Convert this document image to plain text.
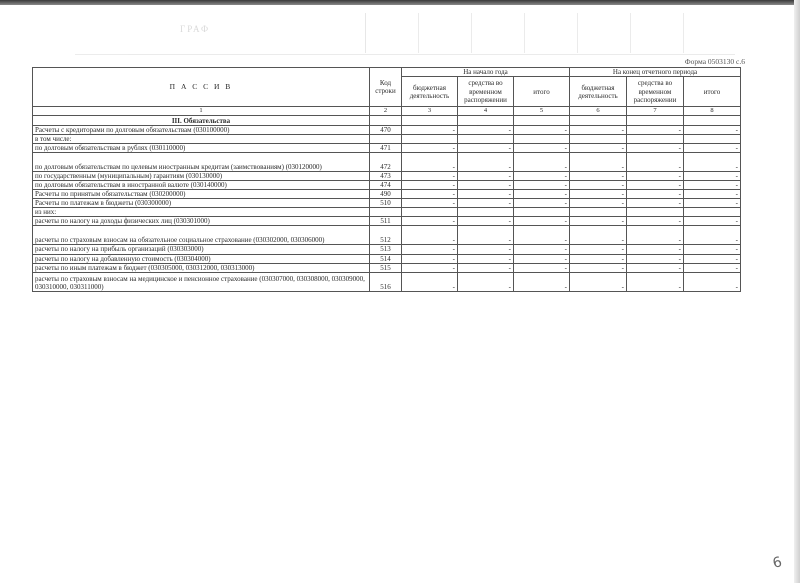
ГРАФ
Форма 0503130 с.6
П А С С И В	Код строки	На начало года			На конец отчетного периода		
		бюджетная деятельность	средства во временном распоряжении	итого	бюджетная деятельность	средства во временном распоряжении	итого
1	2	3	4	5	6	7	8
III. Обязательства							
Расчеты с кредиторами по долговым обязательствам (030100000)	470	-	-	-	-	-	-
в том числе:							
по долговым обязательствам в рублях (030110000)	471	-	-	-	-	-	-
по долговым обязательствам по целевым иностранным кредитам (заимствованиям) (030120000)	472	-	-	-	-	-	-
по государственным (муниципальным) гарантиям (030130000)	473	-	-	-	-	-	-
по долговым обязательствам в иностранной валюте (030140000)	474	-	-	-	-	-	-
Расчеты по принятым обязательствам (030200000)	490	-	-	-	-	-	-
Расчеты по платежам в бюджеты (030300000)	510	-	-	-	-	-	-
из них:							
расчеты по налогу на доходы физических лиц (030301000)	511	-	-	-	-	-	-
расчеты по страховым взносам на обязательное социальное страхование (030302000, 030306000)	512	-	-	-	-	-	-
расчеты по налогу на прибыль организаций (030303000)	513	-	-	-	-	-	-
расчеты по налогу на добавленную стоимость (030304000)	514	-	-	-	-	-	-
расчеты по иным платежам в бюджет (030305000, 030312000, 030313000)	515	-	-	-	-	-	-
расчеты по страховым взносам на медицинское и пенсионное страхование (030307000, 030308000, 030309000, 030310000, 030311000)	516	-	-	-	-	-	-
6
